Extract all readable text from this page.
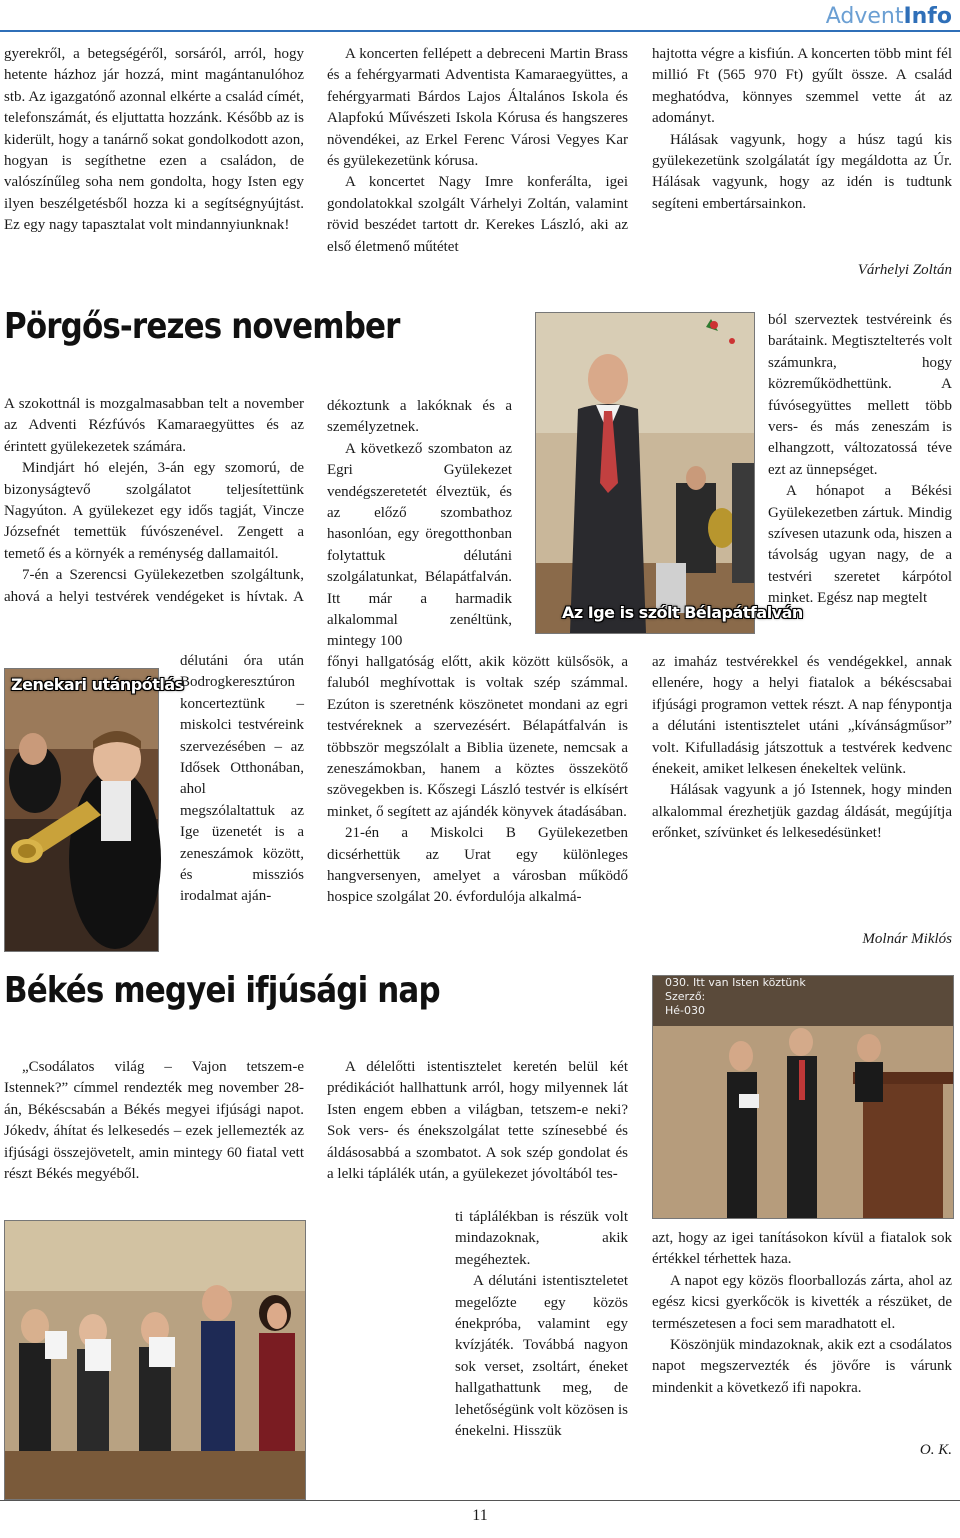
AdventInfo

gyerekről, a betegségéről, sorsáról, arról, hogy hetente házhoz jár hozzá, mint magántanulóhoz stb. Az igazgatónő azonnal elkérte a család címét, telefonszámát, és eljuttatta hozzánk. Később az is kiderült, hogy a tanárnő sokat gondolkodott azon, hogyan is segíthetne ezen a családon, de valószínűleg soha nem gondolta, hogy Isten egy ilyen beszélgetésből hozza ki a segítségnyújtást. Ez egy nagy tapasztalat volt mindannyiunknak!

A koncerten fellépett a debreceni Martin Brass és a fehérgyarmati Adventista Kamaraegyüttes, a fehérgyarmati Bárdos Lajos Általános Iskola és Alapfokú Művészeti Iskola Kórusa és hangszeres növendékei, az Erkel Ferenc Városi Vegyes Kar és gyülekezetünk kórusa.

A koncertet Nagy Imre konferálta, igei gondolatokkal szolgált Várhelyi Zoltán, valamint rövid beszédet tartott dr. Kerekes László, aki az első életmenő műtétet

hajtotta végre a kisfiún. A koncerten több mint fél millió Ft (565 970 Ft) gyűlt össze. A család meghatódva, könnyes szemmel vette át az adományt.

Hálásak vagyunk, hogy a húsz tagú kis gyülekezetünk szolgálatát így megáldotta az Úr. Hálásak vagyunk, hogy az idén is tudtunk segíteni embertársainkon.

Várhelyi Zoltán
Pörgős-rezes november

A szokottnál is mozgalmasabban telt a november az Adventi Rézfúvós Kamaraegyüttes és az érintett gyülekezetek számára.

Mindjárt hó elején, 3-án egy szomorú, de bizonyságtevő szolgálatot teljesítettünk Nagyúton. A gyülekezet egy idős tagját, Vincze Józsefnét temettük fúvószenével. Zengett a temető és a környék a reménység dallamaitól.

7-én a Szerencsi Gyülekezetben szolgáltunk, ahová a helyi testvérek vendégeket is hívtak. A

Zenekari utánpótlás

délutáni óra után Bodrogkeresztúron koncerteztünk – miskolci testvéreink szervezésében – az Idősek Otthonában, ahol megszólaltattuk az Ige üzenetét is a zeneszámok között, és missziós irodalmat aján-

dékoztunk a lakóknak és a személyzetnek.

A következő szombaton az Egri Gyülekezet vendégszeretetét élveztük, és az előző szombathoz hasonlóan, egy öregotthonban folytattuk délutáni szolgálatunkat, Bélapátfalván. Itt már a harmadik alkalommal zenéltünk, mintegy 100

főnyi hallgatóság előtt, akik között külsősök, a faluból meghívottak is voltak szép számmal. Ezúton is szeretnénk köszönetet mondani az egri testvéreknek a szervezésért. Bélapátfalván is többször megszólalt a Biblia üzenete, nemcsak a zeneszámokban, hanem a köztes összekötő szövegekben is. Kőszegi László testvér is elkísért minket, ő segített az ajándék könyvek átadásában.

21-én a Miskolci B Gyülekezetben dicsérhettük az Urat egy különleges hangversenyen, amelyet a városban működő hospice szolgálat 20. évfordulója alkalmá-

Az Ige is szólt Bélapátfalván

ból szerveztek testvéreink és barátaink. Megtisztelteтés volt számunkra, hogy közreműködhettünk. A fúvósegyüttes mellett több vers- és más zeneszám is elhangzott, változatossá téve ezt az ünnepséget.

A hónapot a Békési Gyülekezetben zártuk. Mindig szívesen utazunk oda, hiszen a távolság ugyan nagy, de a testvéri szeretet kárpótol minket. Egész nap megtelt

az imaház testvérekkel és vendégekkel, annak ellenére, hogy a helyi fiatalok a békéscsabai ifjúsági programon vettek részt. A nap fénypontja a délutáni istentisztelet utáni „kívánságműsor” volt. Kifulladásig játszottuk a testvérek kedvenc énekeit, amiket lelkesen énekeltek velünk.

Hálásak vagyunk a jó Istennek, hogy minden alkalommal érezhetjük gazdag áldását, megújítja erőnket, szívünket és lelkesedésünket!

Molnár Miklós
Békés megyei ifjúsági nap

„Csodálatos világ – Vajon tetszem-e Istennek?” címmel rendezték meg november 28-án, Békéscsabán a Békés megyei ifjúsági napot. Jókedv, áhítat és lelkesedés – ezek jellemezték az ifjúsági összejövetelt, amin mintegy 60 fiatal vett részt Békés megyéből.

A délelőtti istentisztelet keretén belül két prédikációt hallhattunk arról, hogy milyennek lát Isten engem ebben a világban, tetszem-e neki? Sok vers- és énekszolgálat tette színesebbé és áldásosabbá a szombatot. A sok szép gondolat és a lelki táplálék után, a gyülekezet jóvoltából tes-

ti táplálékban is részük volt mindazoknak, akik megéheztek.

A délutáni istentiszteletet megelőzte egy közös énekpróba, valamint egy kvízjáték. Továbbá nagyon sok verset, zsoltárt, éneket hallgathattunk meg, de lehetőségünk volt közösen is énekelni. Hisszük

030. Itt van Isten köztünk
Szerző:
Hé-030

azt, hogy az igei tanításokon kívül a fiatalok sok értékkel térhettek haza.

A napot egy közös floorballozás zárta, ahol az egész kicsi gyerkőcök is kivették a részüket, de természetesen a foci sem maradhatott el.

Köszönjük mindazoknak, akik ezt a csodálatos napot megszervezték és jövőre is várunk mindenkit a következő ifi napokra.

O. K.
11
